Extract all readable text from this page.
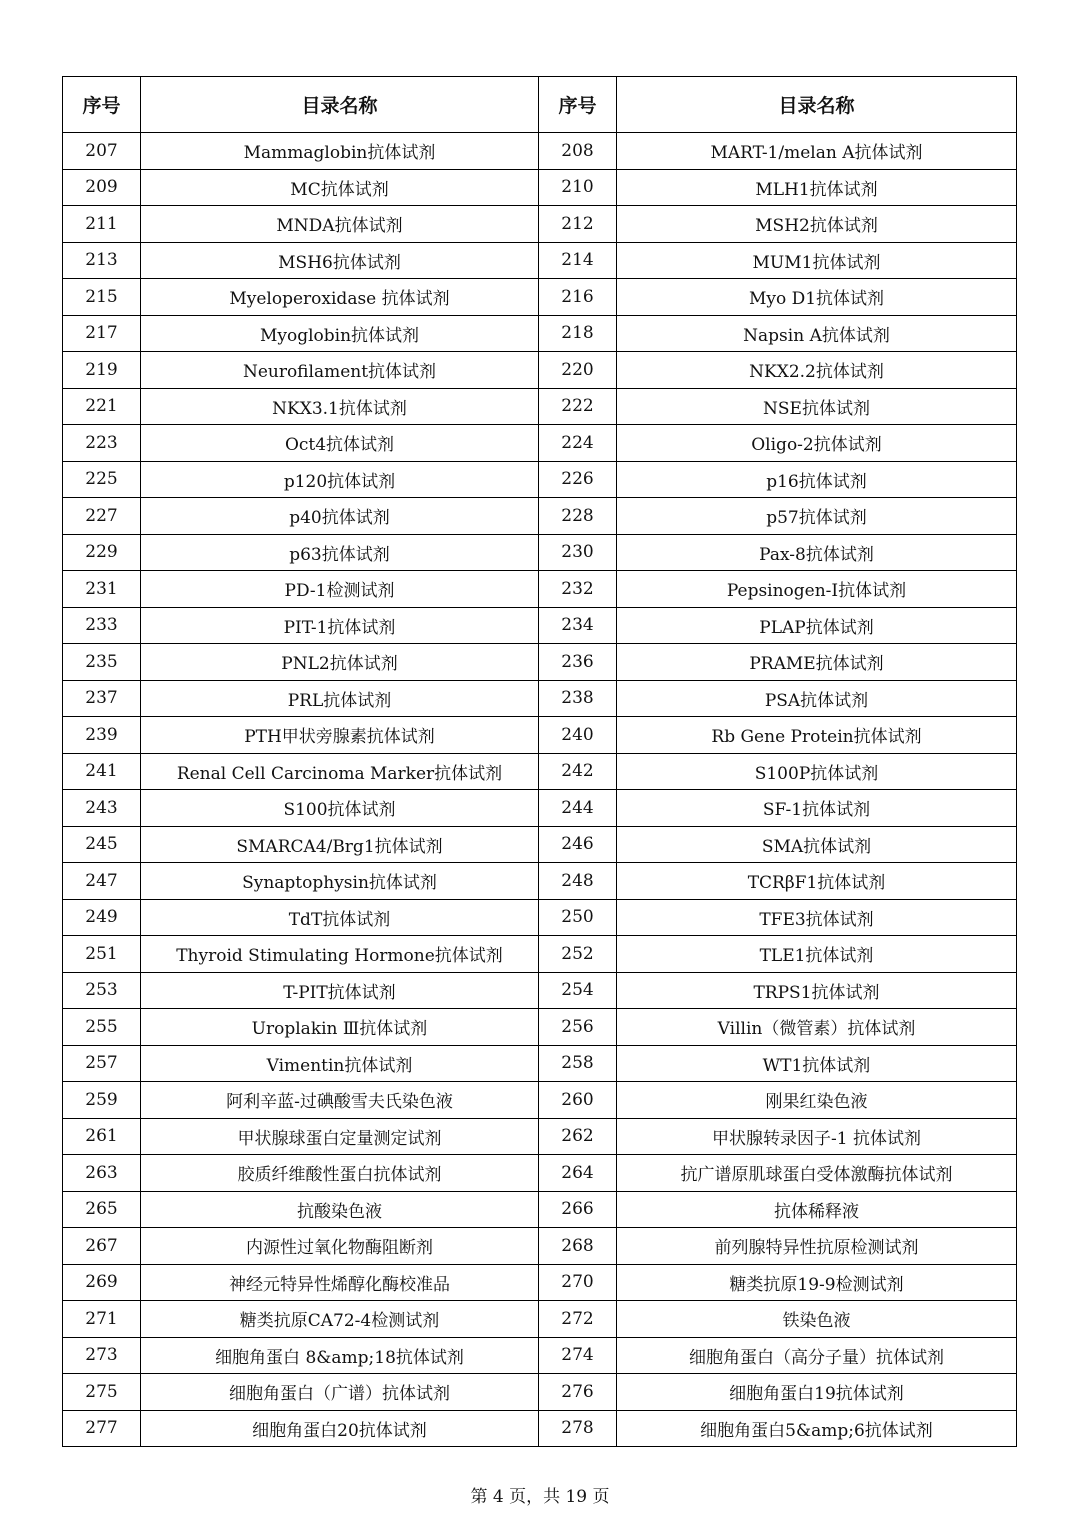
序号	目录名称	序号	目录名称
207	Mammaglobin抗体试剂	208	MART-1/melan A抗体试剂
209	MC抗体试剂	210	MLH1抗体试剂
211	MNDA抗体试剂	212	MSH2抗体试剂
213	MSH6抗体试剂	214	MUM1抗体试剂
215	Myeloperoxidase 抗体试剂	216	Myo D1抗体试剂
217	Myoglobin抗体试剂	218	Napsin A抗体试剂
219	Neurofilament抗体试剂	220	NKX2.2抗体试剂
221	NKX3.1抗体试剂	222	NSE抗体试剂
223	Oct4抗体试剂	224	Oligo-2抗体试剂
225	p120抗体试剂	226	p16抗体试剂
227	p40抗体试剂	228	p57抗体试剂
229	p63抗体试剂	230	Pax-8抗体试剂
231	PD-1检测试剂	232	Pepsinogen-Ⅰ抗体试剂
233	PIT-1抗体试剂	234	PLAP抗体试剂
235	PNL2抗体试剂	236	PRAME抗体试剂
237	PRL抗体试剂	238	PSA抗体试剂
239	PTH甲状旁腺素抗体试剂	240	Rb Gene Protein抗体试剂
241	Renal Cell Carcinoma Marker抗体试剂	242	S100P抗体试剂
243	S100抗体试剂	244	SF-1抗体试剂
245	SMARCA4/Brg1抗体试剂	246	SMA抗体试剂
247	Synaptophysin抗体试剂	248	TCRβF1抗体试剂
249	TdT抗体试剂	250	TFE3抗体试剂
251	Thyroid Stimulating Hormone抗体试剂	252	TLE1抗体试剂
253	T-PIT抗体试剂	254	TRPS1抗体试剂
255	Uroplakin Ⅲ抗体试剂	256	Villin（微管素）抗体试剂
257	Vimentin抗体试剂	258	WT1抗体试剂
259	阿利辛蓝-过碘酸雪夫氏染色液	260	刚果红染色液
261	甲状腺球蛋白定量测定试剂	262	甲状腺转录因子-1 抗体试剂
263	胶质纤维酸性蛋白抗体试剂	264	抗广谱原肌球蛋白受体激酶抗体试剂
265	抗酸染色液	266	抗体稀释液
267	内源性过氧化物酶阻断剂	268	前列腺特异性抗原检测试剂
269	神经元特异性烯醇化酶校准品	270	糖类抗原19-9检测试剂
271	糖类抗原CA72-4检测试剂	272	铁染色液
273	细胞角蛋白 8&amp;18抗体试剂	274	细胞角蛋白（高分子量）抗体试剂
275	细胞角蛋白（广谱）抗体试剂	276	细胞角蛋白19抗体试剂
277	细胞角蛋白20抗体试剂	278	细胞角蛋白5&amp;6抗体试剂
第 4 页，共 19 页
